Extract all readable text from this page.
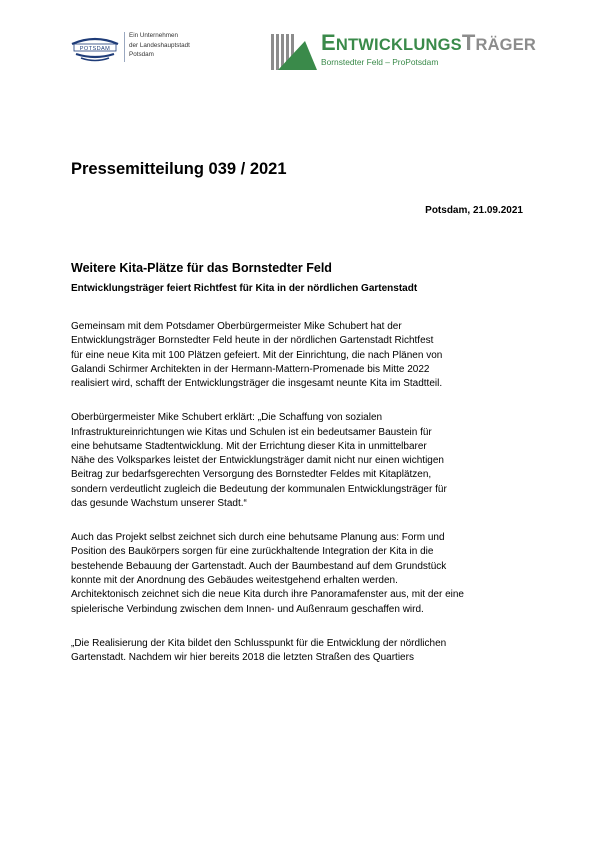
POTSDAM
Ein Unternehmen
der Landeshauptstadt
Potsdam	ENTWICKLUNGSTRÄGER
Bornstedter Feld – ProPotsdam
Pressemitteilung 039 / 2021
Potsdam, 21.09.2021
Weitere Kita-Plätze für das Bornstedter Feld
Entwicklungsträger feiert Richtfest für Kita in der nördlichen Gartenstadt

Gemeinsam mit dem Potsdamer Oberbürgermeister Mike Schubert hat der
Entwicklungsträger Bornstedter Feld heute in der nördlichen Gartenstadt Richtfest
für eine neue Kita mit 100 Plätzen gefeiert. Mit der Einrichtung, die nach Plänen von
Galandi Schirmer Architekten in der Hermann-Mattern-Promenade bis Mitte 2022
realisiert wird, schafft der Entwicklungsträger die insgesamt neunte Kita im Stadtteil.

Oberbürgermeister Mike Schubert erklärt: „Die Schaffung von sozialen
Infrastruktureinrichtungen wie Kitas und Schulen ist ein bedeutsamer Baustein für
eine behutsame Stadtentwicklung. Mit der Errichtung dieser Kita in unmittelbarer
Nähe des Volksparkes leistet der Entwicklungsträger damit nicht nur einen wichtigen
Beitrag zur bedarfsgerechten Versorgung des Bornstedter Feldes mit Kitaplätzen,
sondern verdeutlicht zugleich die Bedeutung der kommunalen Entwicklungsträger für
das gesunde Wachstum unserer Stadt.“

Auch das Projekt selbst zeichnet sich durch eine behutsame Planung aus: Form und
Position des Baukörpers sorgen für eine zurückhaltende Integration der Kita in die
bestehende Bebauung der Gartenstadt. Auch der Baumbestand auf dem Grundstück
konnte mit der Anordnung des Gebäudes weitestgehend erhalten werden.
Architektonisch zeichnet sich die neue Kita durch ihre Panoramafenster aus, mit der eine
spielerische Verbindung zwischen dem Innen- und Außenraum geschaffen wird.

„Die Realisierung der Kita bildet den Schlusspunkt für die Entwicklung der nördlichen
Gartenstadt. Nachdem wir hier bereits 2018 die letzten Straßen des Quartiers
